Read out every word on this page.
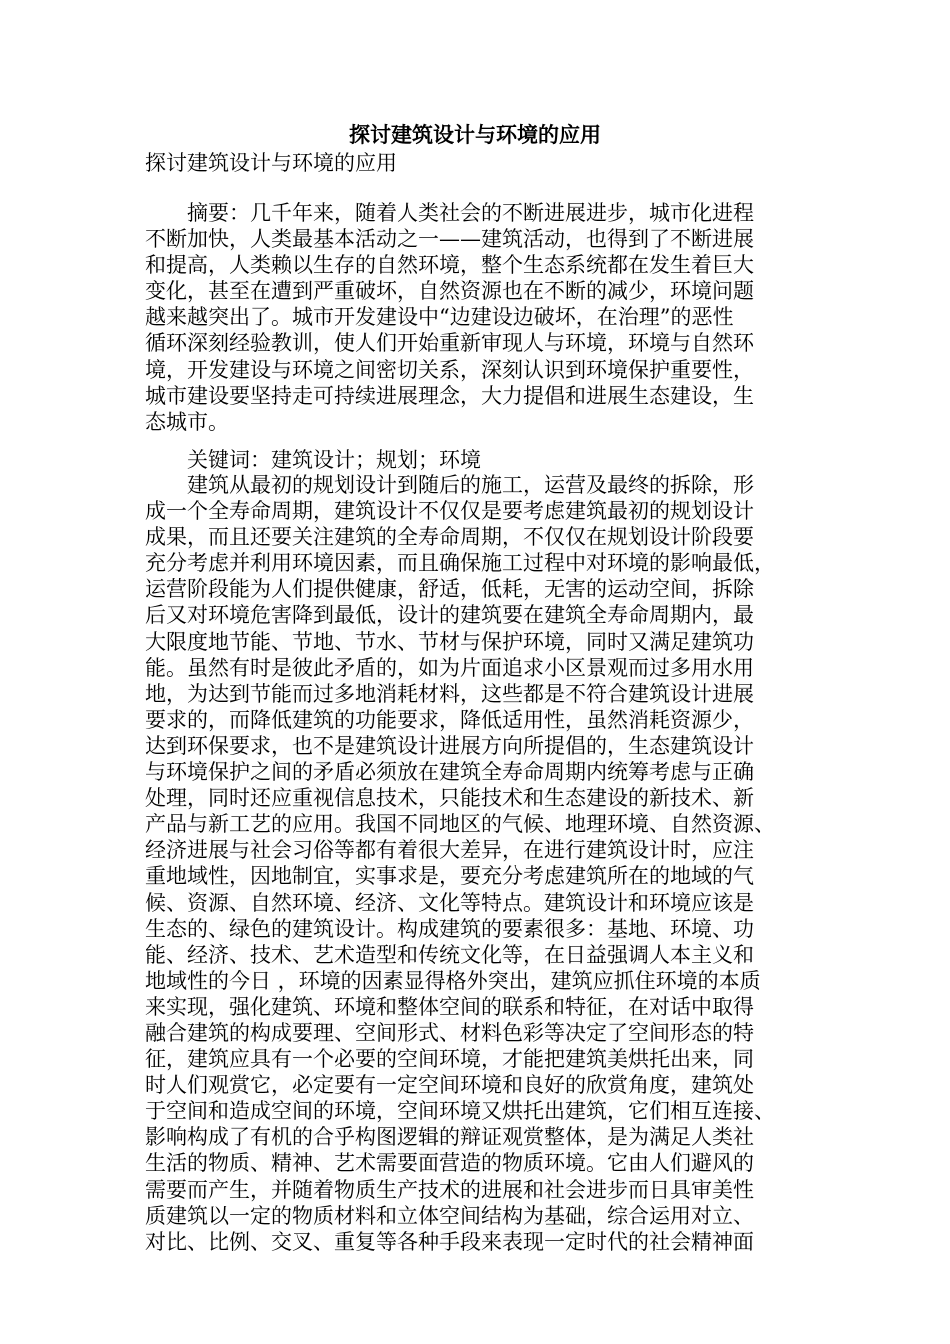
探讨建筑设计与环境的应用
探讨建筑设计与环境的应用
　　摘要：几千年来，随着人类社会的不断进展进步，城市化进程
不断加快，人类最基本活动之一——建筑活动，也得到了不断进展
和提高，人类赖以生存的自然环境，整个生态系统都在发生着巨大
变化，甚至在遭到严重破坏，自然资源也在不断的减少，环境问题
越来越突出了。城市开发建设中“边建设边破坏，在治理”的恶性
循环深刻经验教训，使人们开始重新审现人与环境，环境与自然环
境，开发建设与环境之间密切关系，深刻认识到环境保护重要性，
城市建设要坚持走可持续进展理念，大力提倡和进展生态建设，生
态城市。
　　关键词：建筑设计；规划；环境
　　建筑从最初的规划设计到随后的施工，运营及最终的拆除，形
成一个全寿命周期，建筑设计不仅仅是要考虑建筑最初的规划设计
成果，而且还要关注建筑的全寿命周期，不仅仅在规划设计阶段要
充分考虑并利用环境因素，而且确保施工过程中对环境的影响最低，
运营阶段能为人们提供健康，舒适，低耗，无害的运动空间，拆除
后又对环境危害降到最低，设计的建筑要在建筑全寿命周期内，最
大限度地节能、节地、节水、节材与保护环境，同时又满足建筑功
能。虽然有时是彼此矛盾的，如为片面追求小区景观而过多用水用
地，为达到节能而过多地消耗材料，这些都是不符合建筑设计进展
要求的，而降低建筑的功能要求，降低适用性，虽然消耗资源少，
达到环保要求，也不是建筑设计进展方向所提倡的，生态建筑设计
与环境保护之间的矛盾必须放在建筑全寿命周期内统筹考虑与正确
处理，同时还应重视信息技术，只能技术和生态建设的新技术、新
产品与新工艺的应用。我国不同地区的气候、地理环境、自然资源、
经济进展与社会习俗等都有着很大差异，在进行建筑设计时，应注
重地域性，因地制宜，实事求是，要充分考虑建筑所在的地域的气
候、资源、自然环境、经济、文化等特点。建筑设计和环境应该是
生态的、绿色的建筑设计。构成建筑的要素很多：基地、环境、功
能、经济、技术、艺术造型和传统文化等，在日益强调人本主义和
地域性的今日 ，环境的因素显得格外突出，建筑应抓住环境的本质
来实现，强化建筑、环境和整体空间的联系和特征，在对话中取得
融合建筑的构成要理、空间形式、材料色彩等决定了空间形态的特
征，建筑应具有一个必要的空间环境，才能把建筑美烘托出来，同
时人们观赏它，必定要有一定空间环境和良好的欣赏角度，建筑处
于空间和造成空间的环境，空间环境又烘托出建筑，它们相互连接、
影响构成了有机的合乎构图逻辑的辩证观赏整体，是为满足人类社
生活的物质、精神、艺术需要面营造的物质环境。它由人们避风的
需要而产生，并随着物质生产技术的进展和社会进步而日具审美性
质建筑以一定的物质材料和立体空间结构为基础，综合运用对立、
对比、比例、交叉、重复等各种手段来表现一定时代的社会精神面
